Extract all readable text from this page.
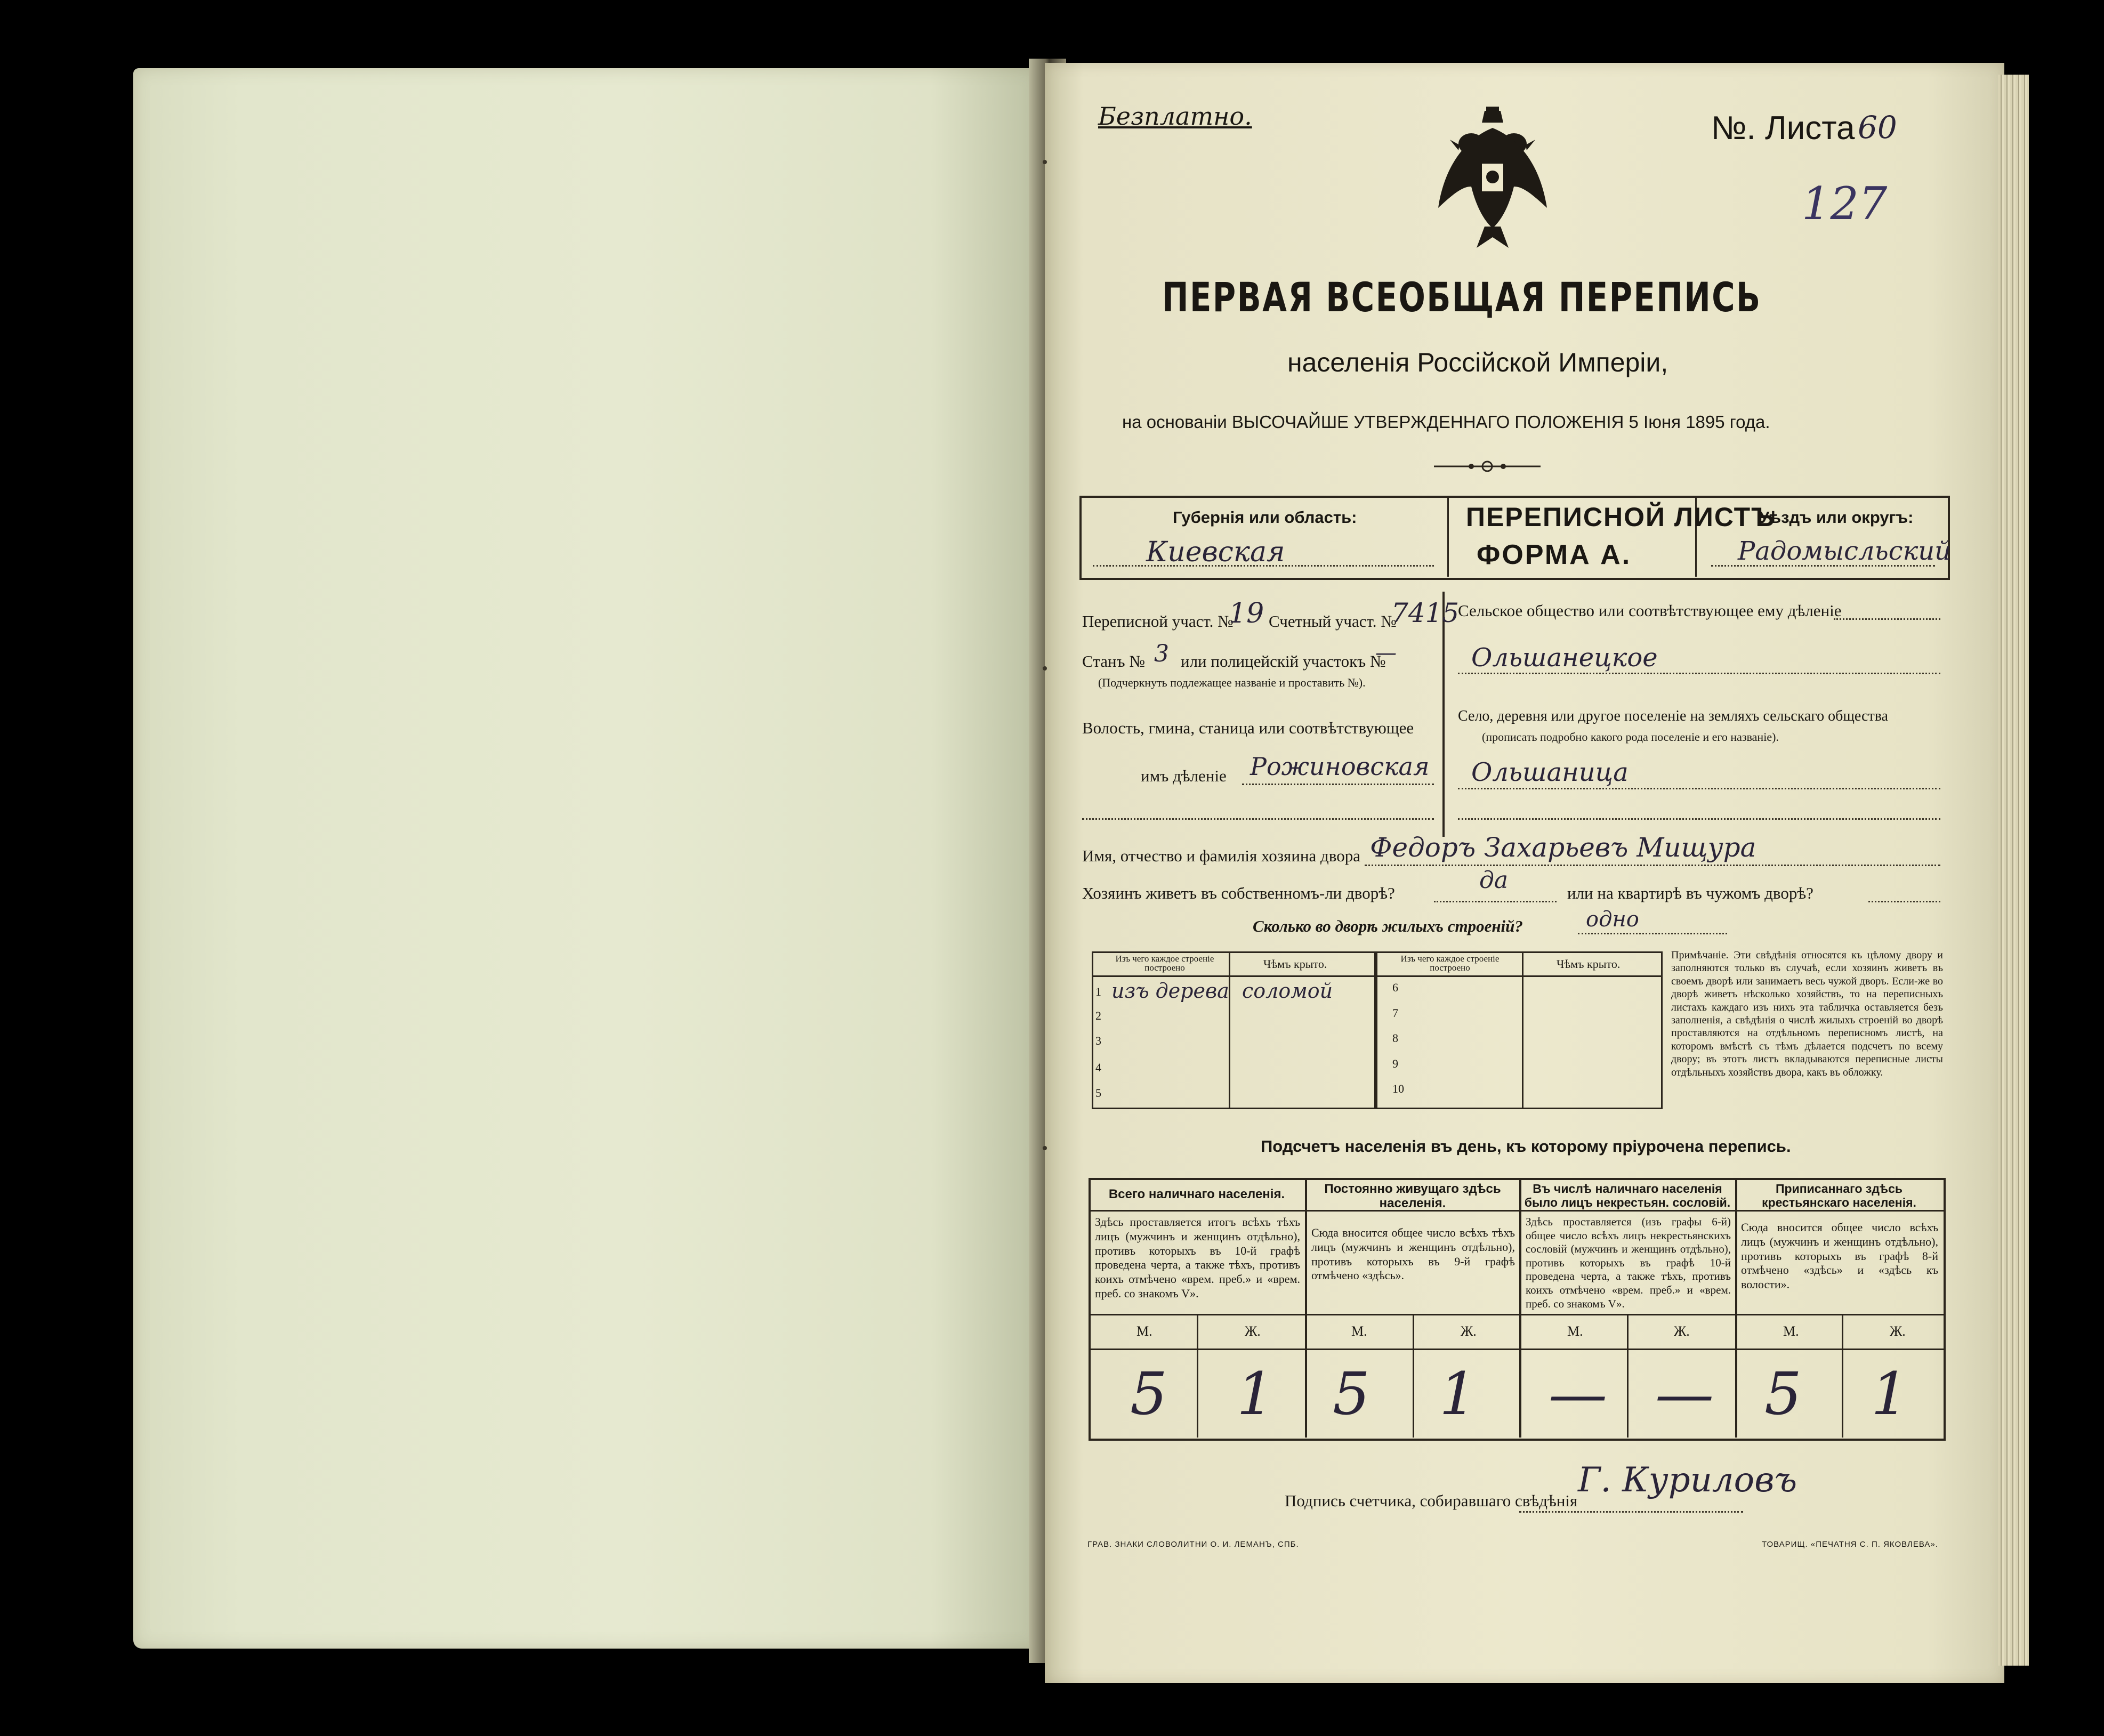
Безплатно.	№. Листа 60
127
ПЕРВАЯ ВСЕОБЩАЯ ПЕРЕПИСЬ
населенія Россійской Имперіи,
на основаніи ВЫСОЧАЙШЕ УТВЕРЖДЕННАГО ПОЛОЖЕНІЯ 5 Іюня 1895 года.
Губернія или область:
Киевская
ПЕРЕПИСНОЙ ЛИСТЪ
ФОРМА А.
Уѣздъ или округъ:
Радомысльский
Переписной участ. №
19 Счетный участ. №
7415
Станъ № 3 или полицейскій участокъ №
—
(Подчеркнуть подлежащее названіе и проставить №).
Волость, гмина, станица или соотвѣтствующее
имъ дѣленіе Рожиновская
Сельское общество или соотвѣтствующее ему дѣленіе
Ольшанецкое
Село, деревня или другое поселеніе на земляхъ сельскаго общества
(прописать подробно какого рода поселеніе и его названіе).
Ольшаница
Имя, отчество и фамилія хозяина двора Федоръ Захарьевъ Мищура
Хозяинъ живетъ въ собственномъ-ли дворѣ?	да	или на квартирѣ въ чужомъ дворѣ?
Сколько во дворѣ жилыхъ строеній?	одно
Изъ чего каждое строеніе построено	Чѣмъ крыто.	Изъ чего каждое строеніе построено	Чѣмъ крыто.
1 изъ дерева соломой
2
3
4
5
6
7
8
9
10
Примѣчаніе. Эти свѣдѣнія относятся къ цѣлому двору и заполняются только въ случаѣ, если хозяинъ живетъ въ своемъ дворѣ или занимаетъ весь чужой дворъ. Если-же во дворѣ живетъ нѣсколько хозяйствъ, то на переписныхъ листахъ каждаго изъ нихъ эта табличка оставляется безъ заполненія, а свѣдѣнія о числѣ жилыхъ строеній во дворѣ проставляются на отдѣльномъ переписномъ листѣ, на которомъ вмѣстѣ съ тѣмъ дѣлается подсчетъ по всему двору; въ этотъ листъ вкладываются переписные листы отдѣльныхъ хозяйствъ двора, какъ въ обложку.
Подсчетъ населенія въ день, къ которому пріурочена перепись.
Всего наличнаго населенія.
Здѣсь проставляется итогъ всѣхъ тѣхъ лицъ (мужчинъ и женщинъ отдѣльно), противъ которыхъ въ 10-й графѣ проведена черта, а также тѣхъ, противъ коихъ отмѣчено «врем. преб.» и «врем. преб. со знакомъ V».
М.	Ж.
5 1
Постоянно живущаго здѣсь населенія.
Сюда вносится общее число всѣхъ тѣхъ лицъ (мужчинъ и женщинъ отдѣльно), противъ которыхъ въ 9-й графѣ отмѣчено «здѣсь».
М.	Ж.
5 1
Въ числѣ наличнаго населенія было лицъ некрестьян. сословій.
Здѣсь проставляется (изъ графы 6-й) общее число всѣхъ лицъ некрестьянскихъ сословій (мужчинъ и женщинъ отдѣльно), противъ которыхъ въ графѣ 10-й проведена черта, а также тѣхъ, противъ коихъ отмѣчено «врем. преб.» и «врем. преб. со знакомъ V».
М.	Ж.
— —
Приписаннаго здѣсь крестьянскаго населенія.
Сюда вносится общее число всѣхъ лицъ (мужчинъ и женщинъ отдѣльно), противъ которыхъ въ графѣ 8-й отмѣчено «здѣсь» и «здѣсь къ волости».
М.	Ж.
5 1
Подпись счетчика, собиравшаго свѣдѣнія
Г. Куриловъ
ГРАВ. ЗНАКИ СЛОВОЛИТНИ О. И. ЛЕМАНЪ, СПБ.	ТОВАРИЩ. «ПЕЧАТНЯ С. П. ЯКОВЛЕВА».
